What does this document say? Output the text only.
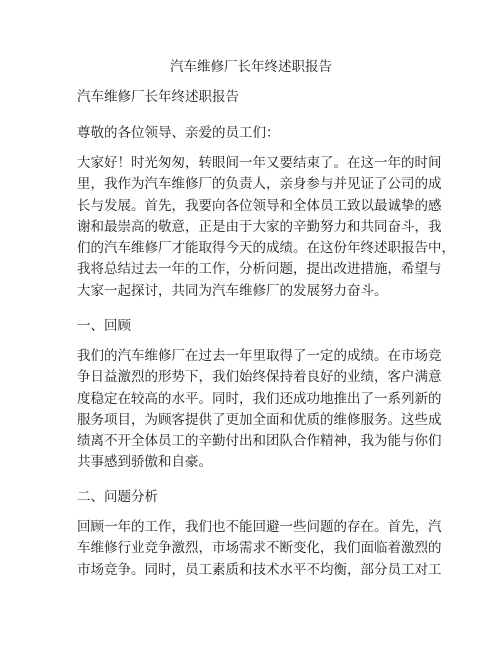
汽车维修厂长年终述职报告
汽车维修厂长年终述职报告
尊敬的各位领导、亲爱的员工们：
大家好！时光匆匆，转眼间一年又要结束了。在这一年的时间
里，我作为汽车维修厂的负责人，亲身参与并见证了公司的成
长与发展。首先，我要向各位领导和全体员工致以最诚挚的感
谢和最崇高的敬意，正是由于大家的辛勤努力和共同奋斗，我
们的汽车维修厂才能取得今天的成绩。在这份年终述职报告中，
我将总结过去一年的工作，分析问题，提出改进措施，希望与
大家一起探讨，共同为汽车维修厂的发展努力奋斗。
一、回顾
我们的汽车维修厂在过去一年里取得了一定的成绩。在市场竞
争日益激烈的形势下，我们始终保持着良好的业绩，客户满意
度稳定在较高的水平。同时，我们还成功地推出了一系列新的
服务项目，为顾客提供了更加全面和优质的维修服务。这些成
绩离不开全体员工的辛勤付出和团队合作精神，我为能与你们
共事感到骄傲和自豪。
二、问题分析
回顾一年的工作，我们也不能回避一些问题的存在。首先，汽
车维修行业竞争激烈，市场需求不断变化，我们面临着激烈的
市场竞争。同时，员工素质和技术水平不均衡，部分员工对工
